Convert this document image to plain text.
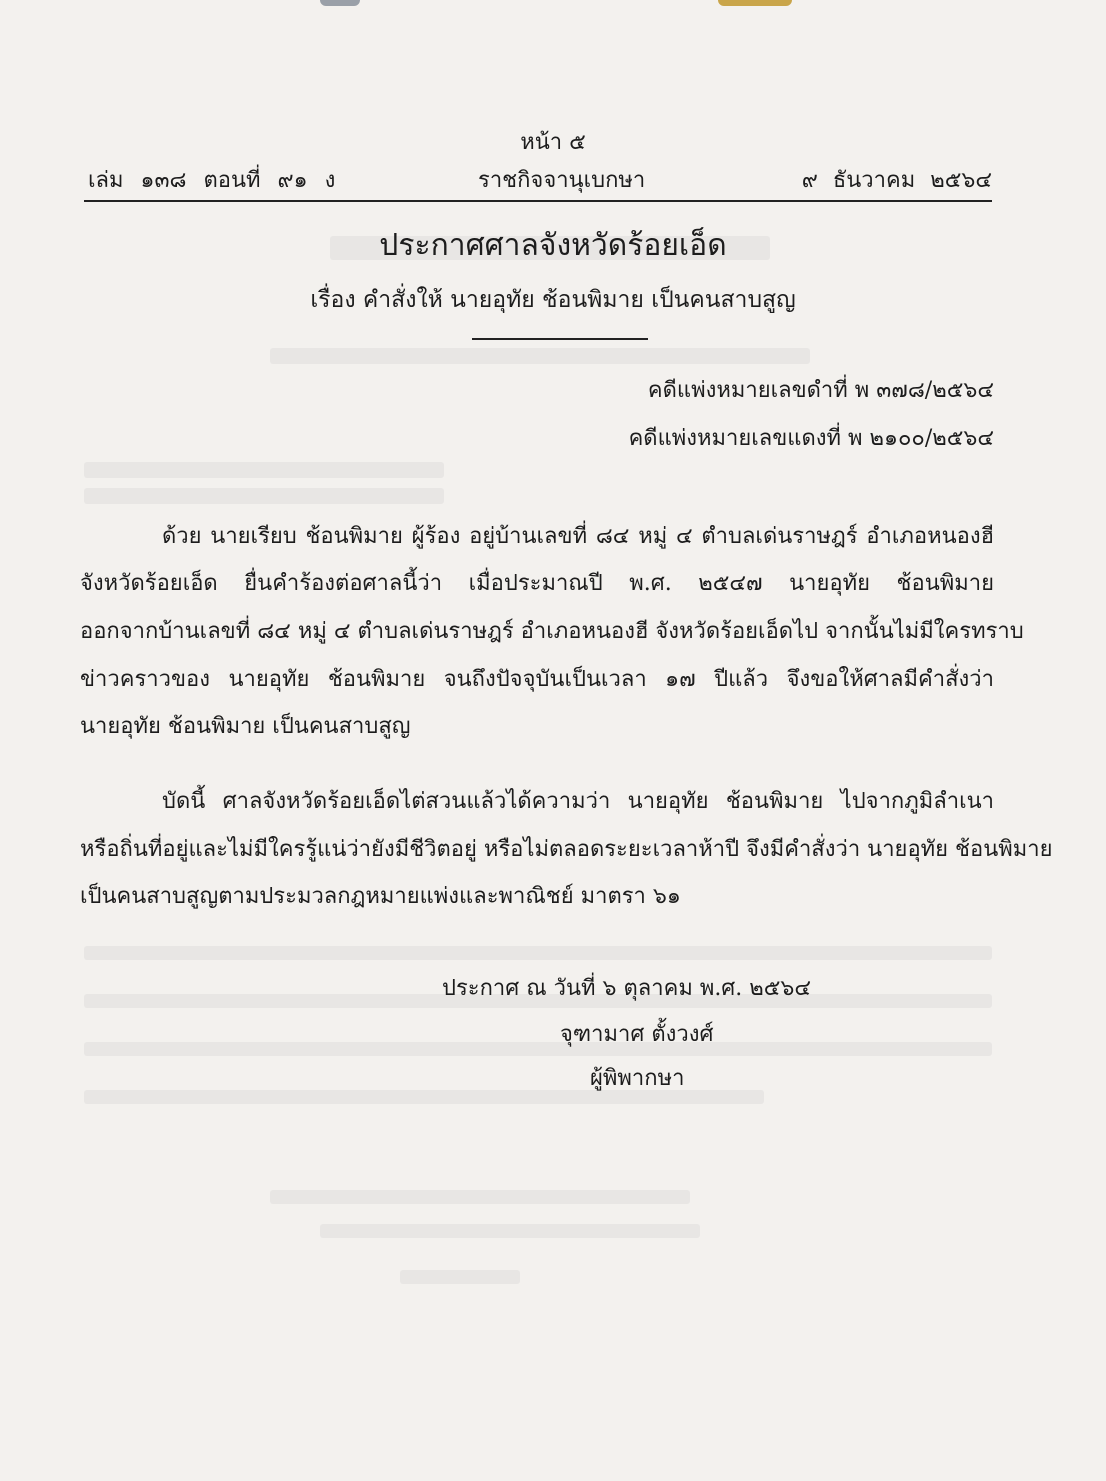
หน้า ๕
เล่ม ๑๓๘ ตอนที่ ๙๑ ง	ราชกิจจานุเบกษา	๙ ธันวาคม ๒๕๖๔
ประกาศศาลจังหวัดร้อยเอ็ด
เรื่อง คำสั่งให้ นายอุทัย ช้อนพิมาย เป็นคนสาบสูญ
คดีแพ่งหมายเลขดำที่ พ ๓๗๘/๒๕๖๔
คดีแพ่งหมายเลขแดงที่ พ ๒๑๐๐/๒๕๖๔
ด้วย นายเรียบ ช้อนพิมาย ผู้ร้อง อยู่บ้านเลขที่ ๘๔ หมู่ ๔ ตำบลเด่นราษฎร์ อำเภอหนองฮี
จังหวัดร้อยเอ็ด ยื่นคำร้องต่อศาลนี้ว่า เมื่อประมาณปี พ.ศ. ๒๕๔๗ นายอุทัย ช้อนพิมาย
ออกจากบ้านเลขที่ ๘๔ หมู่ ๔ ตำบลเด่นราษฎร์ อำเภอหนองฮี จังหวัดร้อยเอ็ดไป จากนั้นไม่มีใครทราบ
ข่าวคราวของ นายอุทัย ช้อนพิมาย จนถึงปัจจุบันเป็นเวลา ๑๗ ปีแล้ว จึงขอให้ศาลมีคำสั่งว่า
นายอุทัย ช้อนพิมาย เป็นคนสาบสูญ
บัดนี้ ศาลจังหวัดร้อยเอ็ดไต่สวนแล้วได้ความว่า นายอุทัย ช้อนพิมาย ไปจากภูมิลำเนา
หรือถิ่นที่อยู่และไม่มีใครรู้แน่ว่ายังมีชีวิตอยู่ หรือไม่ตลอดระยะเวลาห้าปี จึงมีคำสั่งว่า นายอุทัย ช้อนพิมาย
เป็นคนสาบสูญตามประมวลกฎหมายแพ่งและพาณิชย์ มาตรา ๖๑
ประกาศ ณ วันที่ ๖ ตุลาคม พ.ศ. ๒๕๖๔
จุฑามาศ ตั้งวงศ์
ผู้พิพากษา
